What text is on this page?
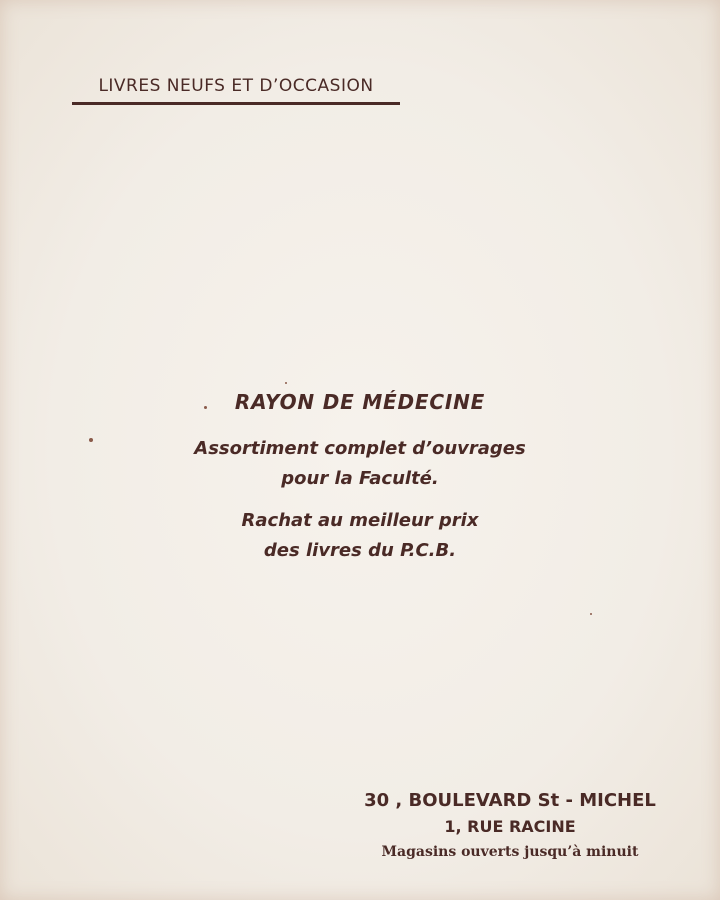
LIVRES NEUFS ET D’OCCASION
RAYON DE MÉDECINE
Assortiment complet d’ouvrages
pour la Faculté.
Rachat au meilleur prix
des livres du P.C.B.
30 , BOULEVARD St - MICHEL
1, RUE RACINE
Magasins ouverts jusqu’à minuit
